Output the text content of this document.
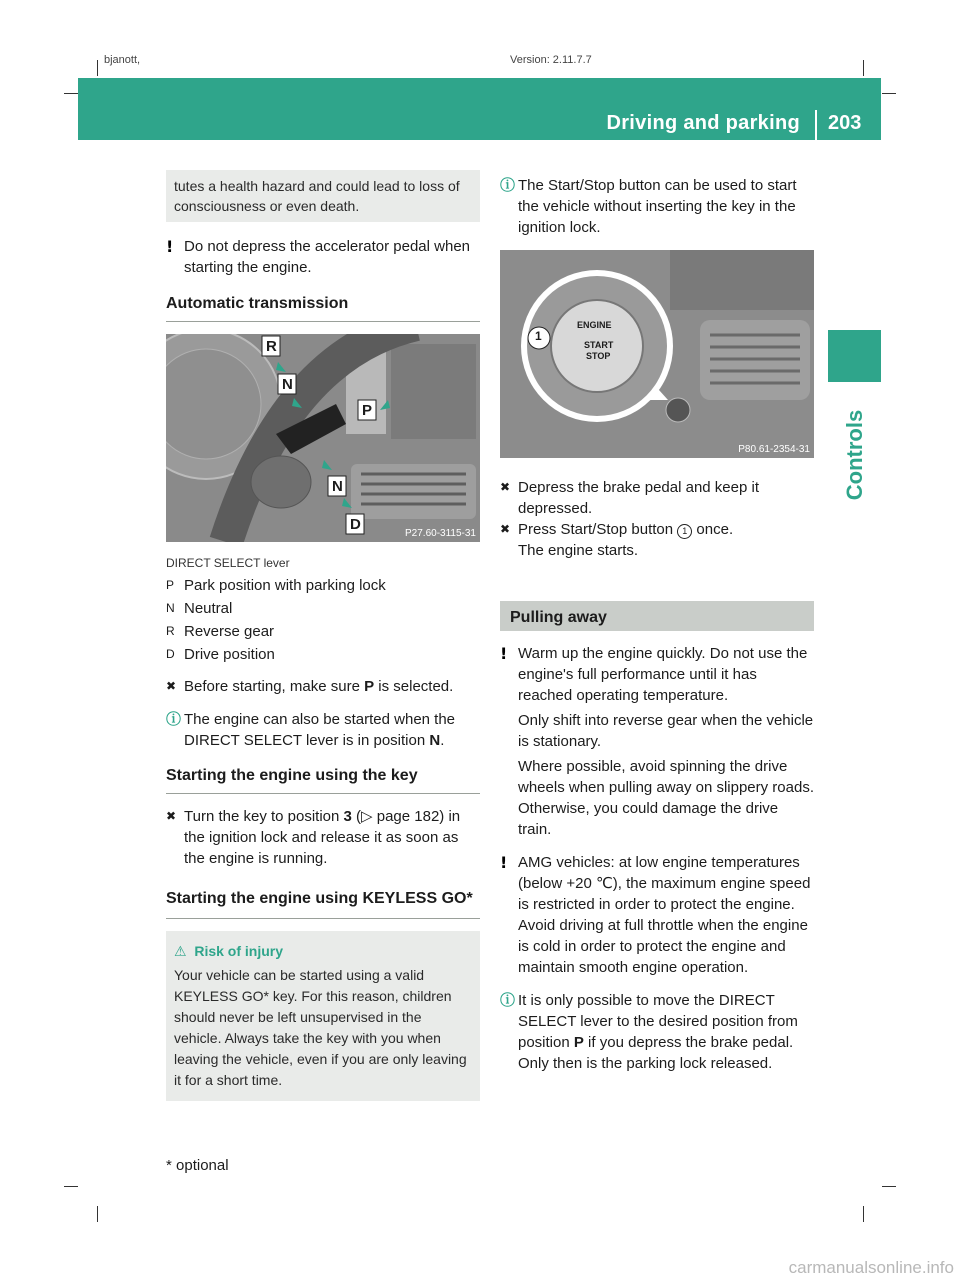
bjanott,	Version: 2.11.7.7
Driving and parking 203
Controls
tutes a health hazard and could lead to loss of consciousness or even death.

! Do not depress the accelerator pedal when starting the engine.

Automatic transmission
R
N
P
N
D
P27.60-3115-31
DIRECT SELECT lever
P Park position with parking lock
N Neutral
R Reverse gear
D Drive position
✖ Before starting, make sure P is selected.

ⓘ The engine can also be started when the DIRECT SELECT lever is in position N.

Starting the engine using the key
✖ Turn the key to position 3 (▷ page 182) in the ignition lock and release it as soon as the engine is running.
Starting the engine using KEYLESS GO*
⚠ Risk of injury
Your vehicle can be started using a valid KEYLESS GO* key. For this reason, children should never be left unsupervised in the vehicle. Always take the key with you when leaving the vehicle, even if you are only leaving it for a short time.

ⓘ The Start/Stop button can be used to start the vehicle without inserting the key in the ignition lock.

1
ENGINE
START
STOP
P80.61-2354-31
✖ Depress the brake pedal and keep it depressed.
✖ Press Start/Stop button 1 once.
The engine starts.
Pulling away

! Warm up the engine quickly. Do not use the engine's full performance until it has reached operating temperature.

Only shift into reverse gear when the vehicle is stationary.

Where possible, avoid spinning the drive wheels when pulling away on slippery roads. Otherwise, you could damage the drive train.

! AMG vehicles: at low engine temperatures (below +20 ℃), the maximum engine speed is restricted in order to protect the engine. Avoid driving at full throttle when the engine is cold in order to protect the engine and maintain smooth engine operation.

ⓘ It is only possible to move the DIRECT SELECT lever to the desired position from position P if you depress the brake pedal. Only then is the parking lock released.

* optional
carmanualsonline.info
